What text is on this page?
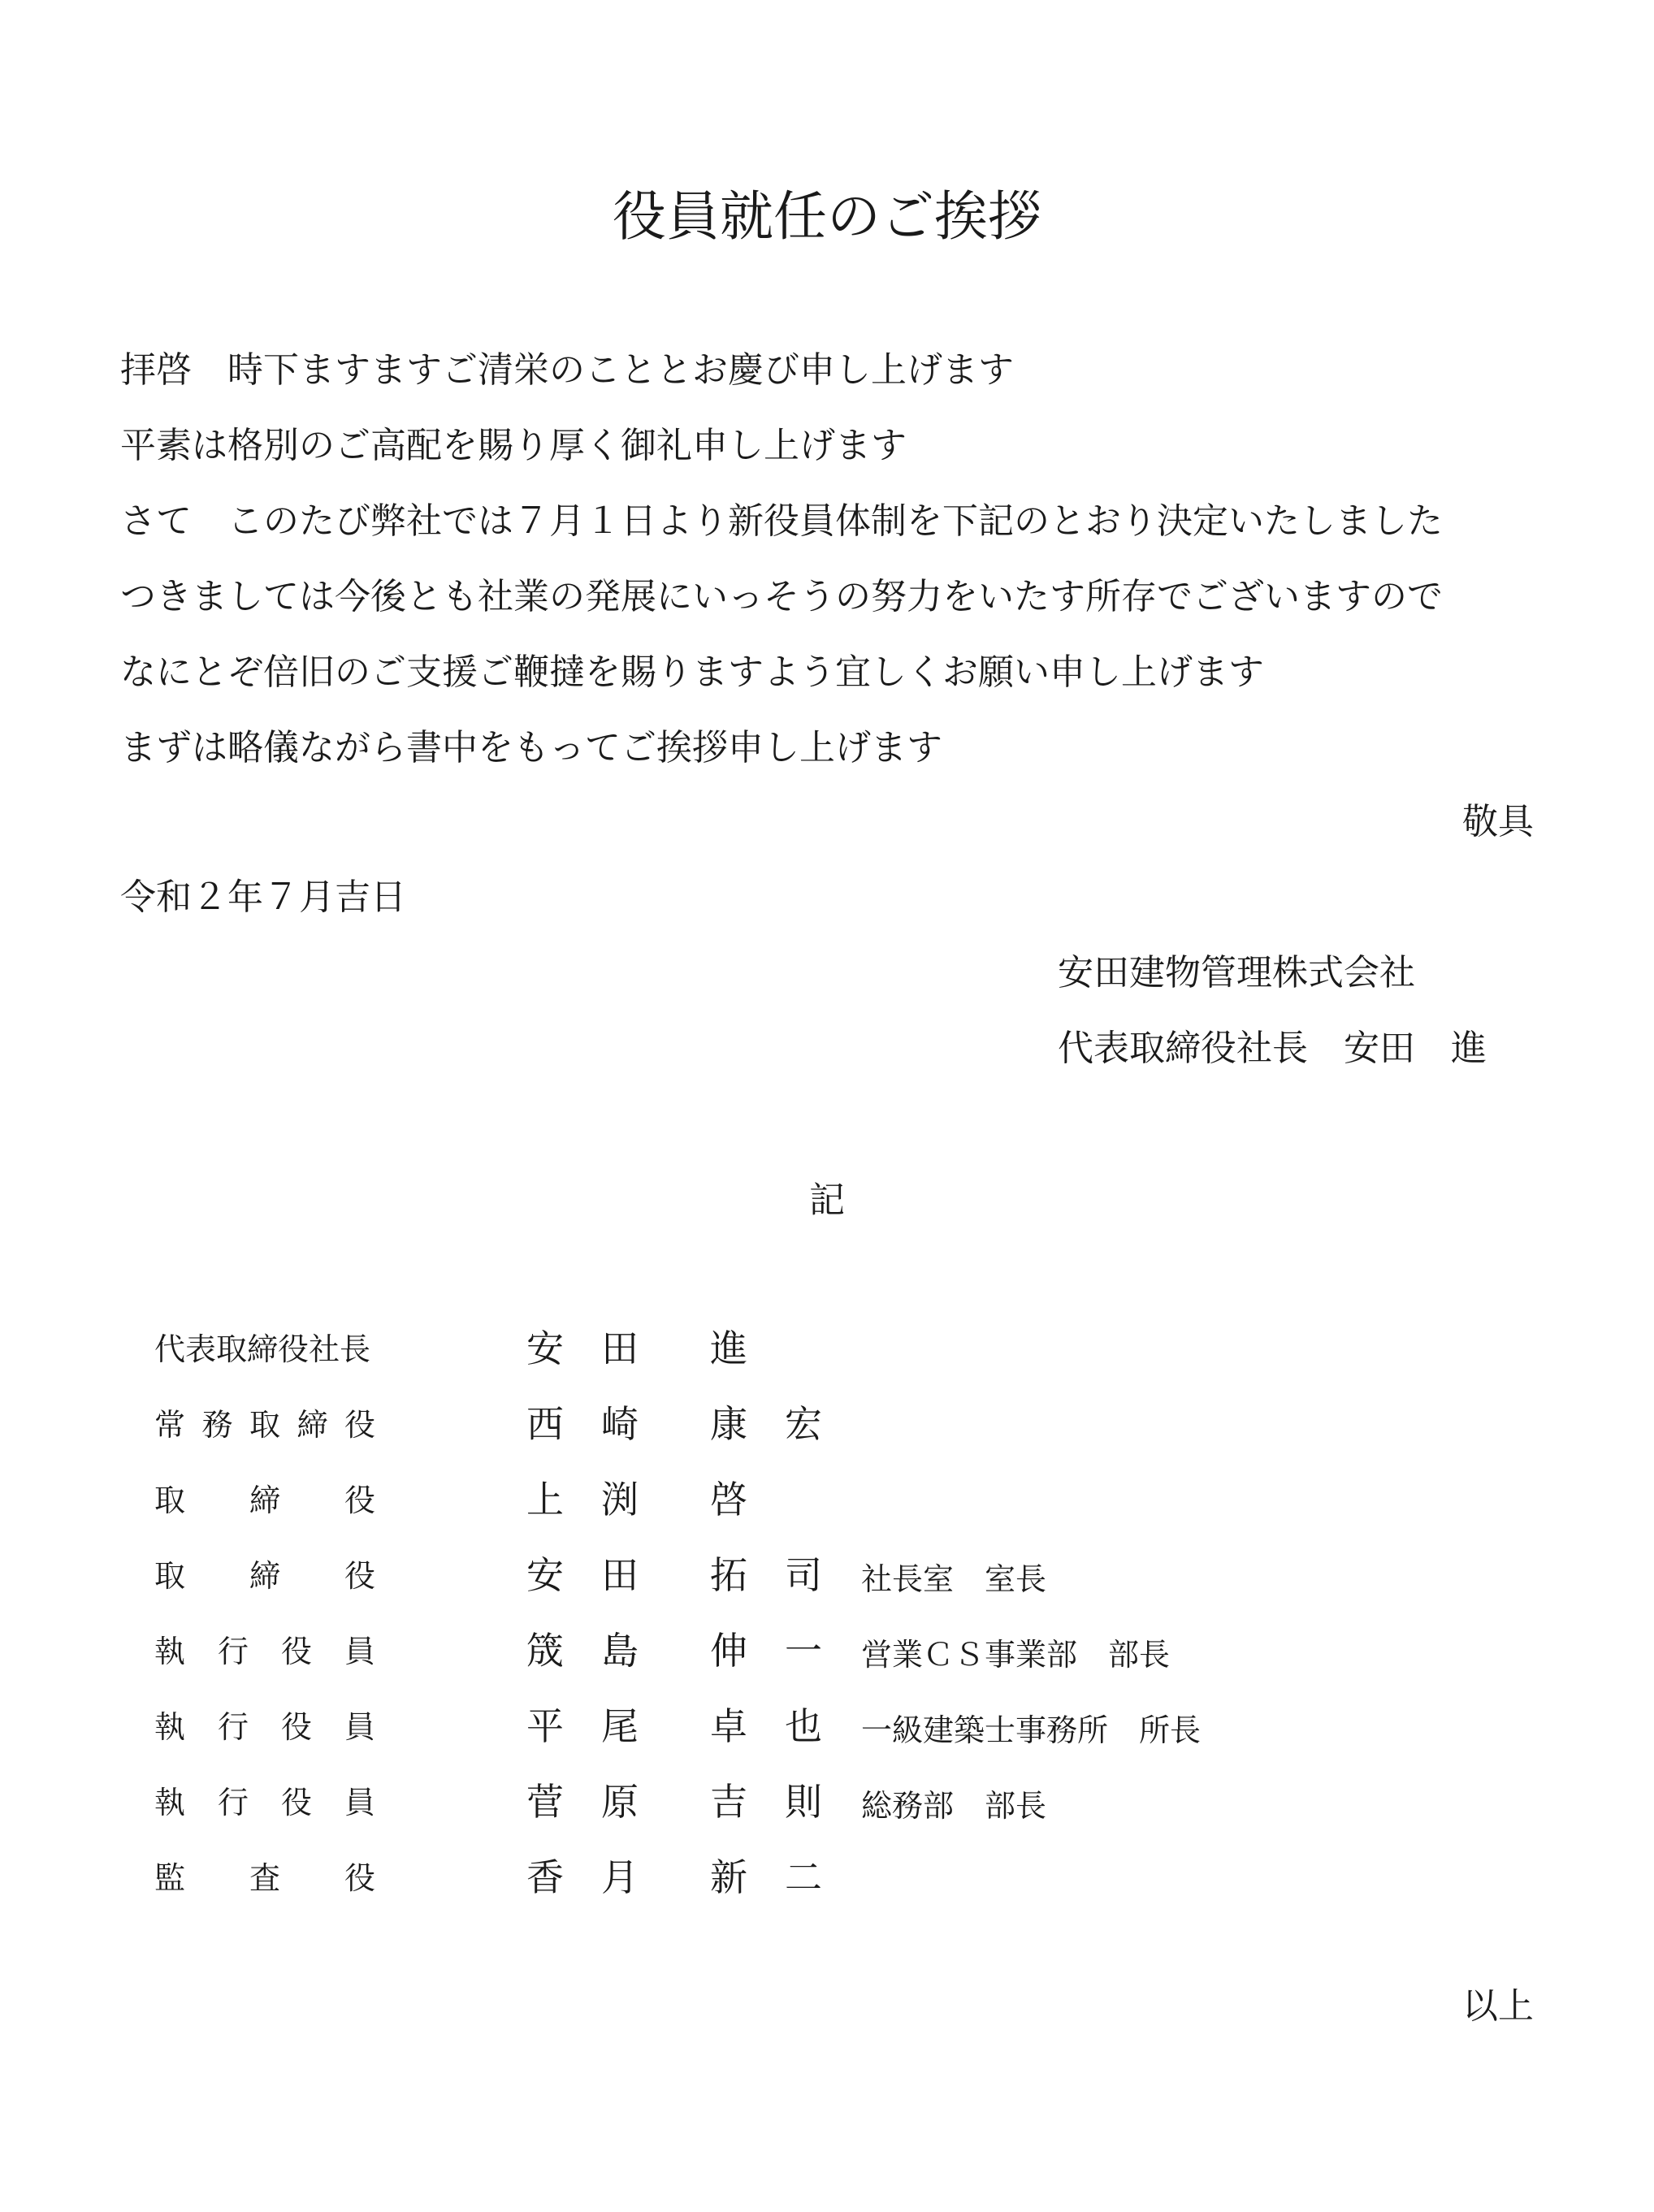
役員就任のご挨拶
拝啓　時下ますますご清栄のこととお慶び申し上げます
平素は格別のご高配を賜り厚く御礼申し上げます
さて　このたび弊社では７月１日より新役員体制を下記のとおり決定いたしました
つきましては今後とも社業の発展にいっそうの努力をいたす所存でございますので
なにとぞ倍旧のご支援ご鞭撻を賜りますよう宜しくお願い申し上げます
まずは略儀ながら書中をもってご挨拶申し上げます
敬具
令和２年７月吉日
安田建物管理株式会社
代表取締役社長　安田　進
記
代表取締役社長	安 田 進
常 務 取 締 役	西 崎 康 宏
取 締 役	上 渕 啓
取 締 役	安 田 拓 司 社長室　室長
執 行 役 員	筬 島 伸 一 営業ＣＳ事業部　部長
執 行 役 員	平 尾 卓 也 一級建築士事務所　所長
執 行 役 員	菅 原 吉 則 総務部　部長
監 査 役	香 月 新 二
以上
